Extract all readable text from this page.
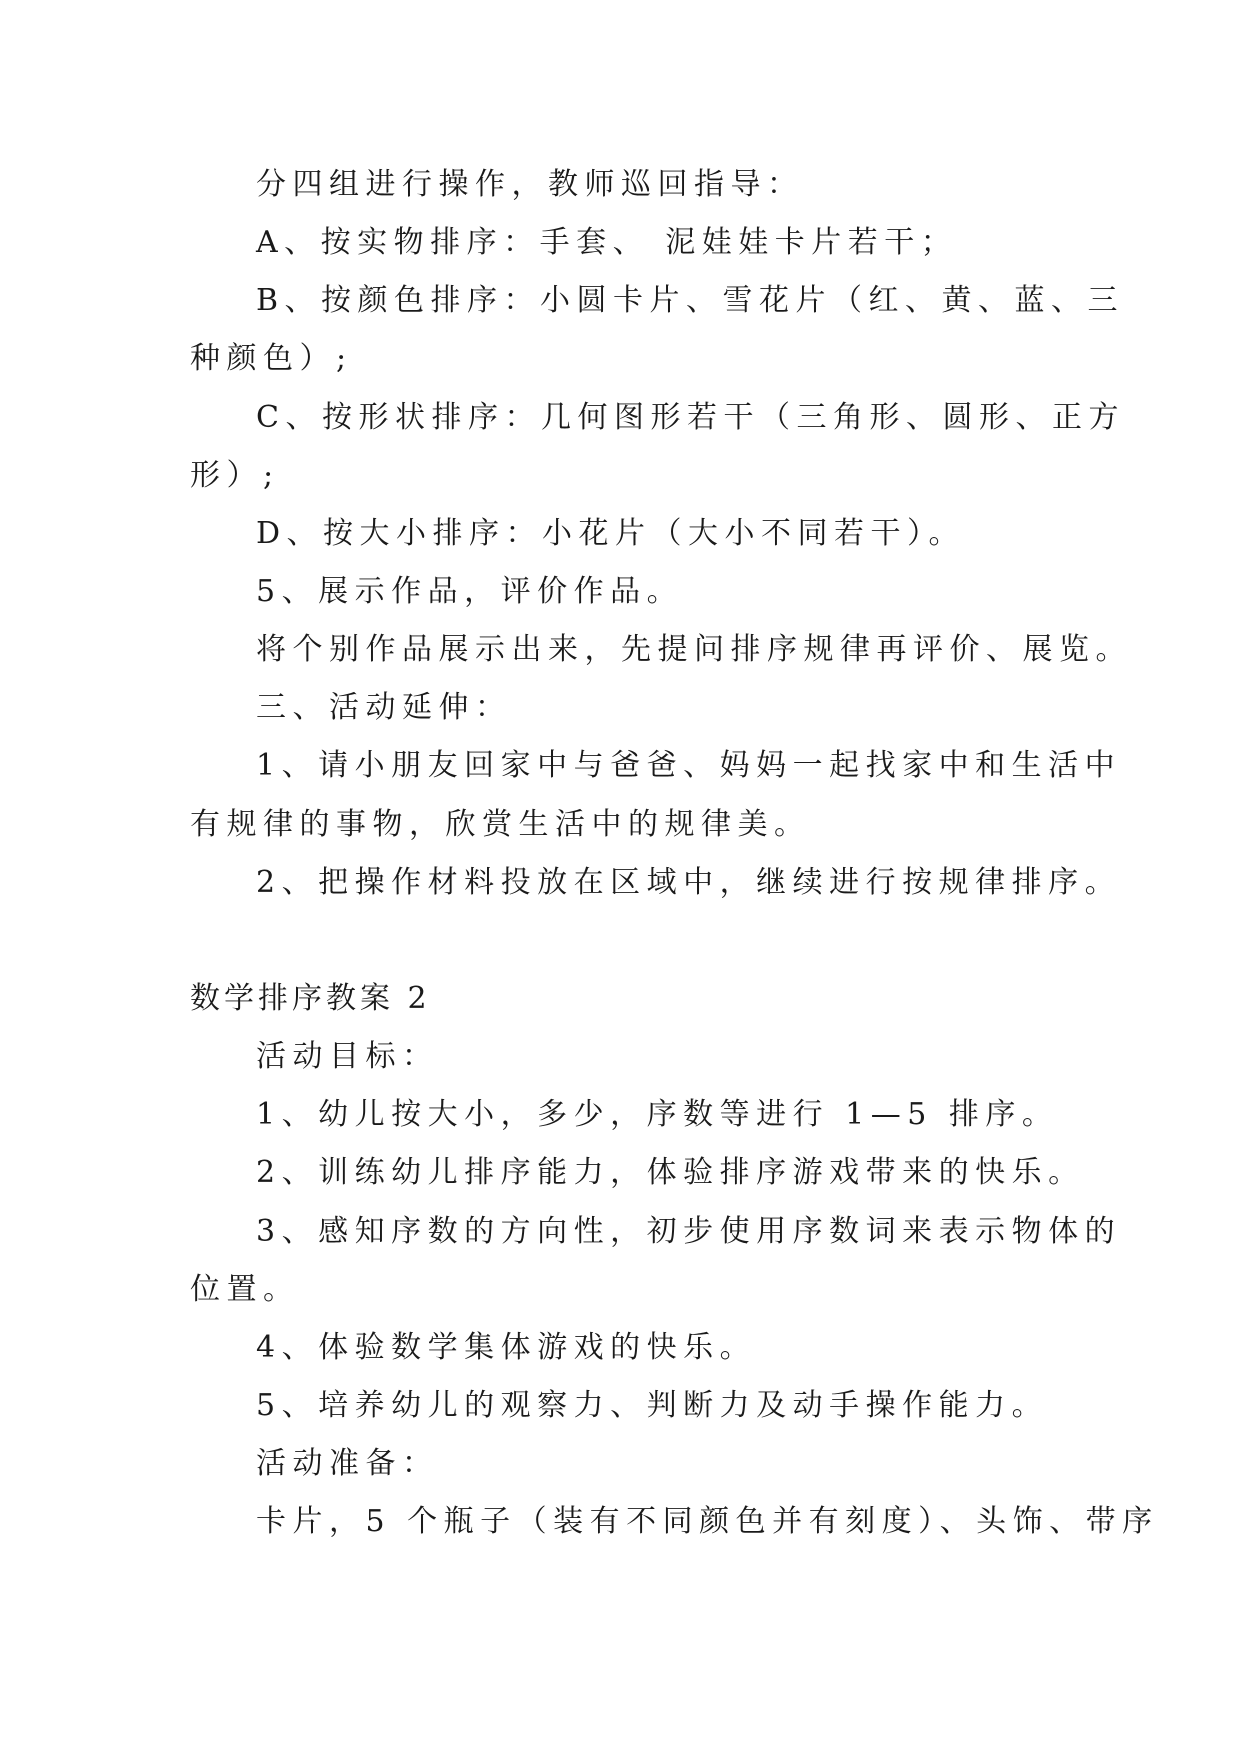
分四组进行操作，教师巡回指导：
A、按实物排序：手套、 泥娃娃卡片若干；
B、按颜色排序：小圆卡片、雪花片（红、黄、蓝、三
种颜色）;
C、按形状排序：几何图形若干（三角形、圆形、正方
形）;
D、按大小排序：小花片（大小不同若干）。
5、展示作品，评价作品。
将个别作品展示出来，先提问排序规律再评价、展览。
三、活动延伸：
1、请小朋友回家中与爸爸、妈妈一起找家中和生活中
有规律的事物，欣赏生活中的规律美。
2、把操作材料投放在区域中，继续进行按规律排序。
数学排序教案 2
活动目标：
1、幼儿按大小，多少，序数等进行 1—5 排序。
2、训练幼儿排序能力，体验排序游戏带来的快乐。
3、感知序数的方向性，初步使用序数词来表示物体的
位置。
4、体验数学集体游戏的快乐。
5、培养幼儿的观察力、判断力及动手操作能力。
活动准备：
卡片，5 个瓶子（装有不同颜色并有刻度）、头饰、带序
